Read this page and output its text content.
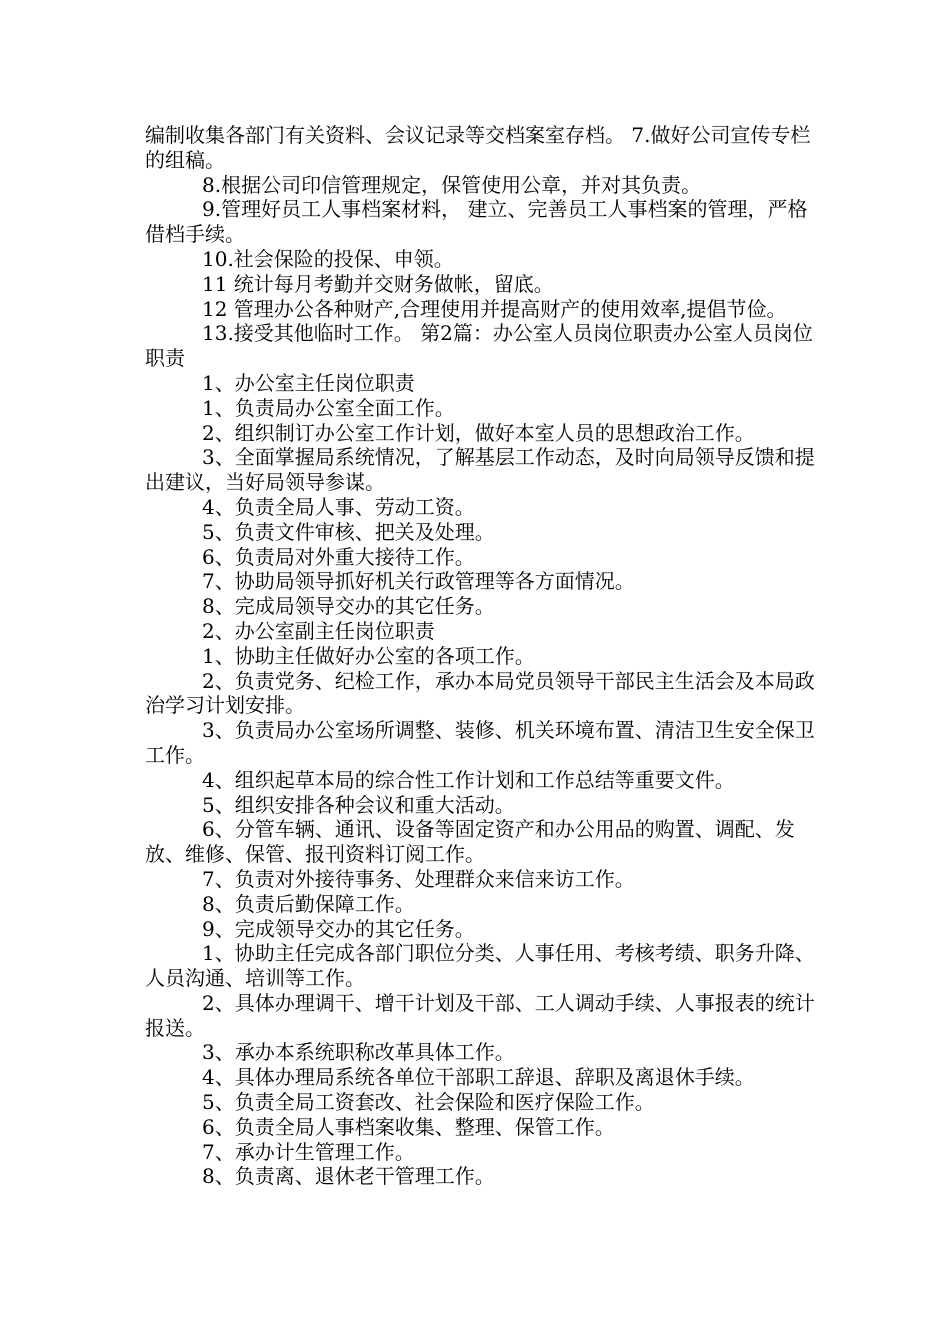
编制收集各部门有关资料、会议记录等交档案室存档。 7.做好公司宣传专栏的组稿。

8.根据公司印信管理规定，保管使用公章，并对其负责。

9.管理好员工人事档案材料， 建立、完善员工人事档案的管理，严格借档手续。

10.社会保险的投保、申领。

11 统计每月考勤并交财务做帐，留底。

12 管理办公各种财产,合理使用并提高财产的使用效率,提倡节俭。

13.接受其他临时工作。 第2篇：办公室人员岗位职责办公室人员岗位职责

1、办公室主任岗位职责

1、负责局办公室全面工作。

2、组织制订办公室工作计划，做好本室人员的思想政治工作。

3、全面掌握局系统情况，了解基层工作动态，及时向局领导反馈和提出建议，当好局领导参谋。

4、负责全局人事、劳动工资。

5、负责文件审核、把关及处理。

6、负责局对外重大接待工作。

7、协助局领导抓好机关行政管理等各方面情况。

8、完成局领导交办的其它任务。

2、办公室副主任岗位职责

1、协助主任做好办公室的各项工作。

2、负责党务、纪检工作，承办本局党员领导干部民主生活会及本局政治学习计划安排。

3、负责局办公室场所调整、装修、机关环境布置、清洁卫生安全保卫工作。

4、组织起草本局的综合性工作计划和工作总结等重要文件。

5、组织安排各种会议和重大活动。

6、分管车辆、通讯、设备等固定资产和办公用品的购置、调配、发放、维修、保管、报刊资料订阅工作。

7、负责对外接待事务、处理群众来信来访工作。

8、负责后勤保障工作。

9、完成领导交办的其它任务。

1、协助主任完成各部门职位分类、人事任用、考核考绩、职务升降、人员沟通、培训等工作。

2、具体办理调干、增干计划及干部、工人调动手续、人事报表的统计报送。

3、承办本系统职称改革具体工作。

4、具体办理局系统各单位干部职工辞退、辞职及离退休手续。

5、负责全局工资套改、社会保险和医疗保险工作。

6、负责全局人事档案收集、整理、保管工作。

7、承办计生管理工作。

8、负责离、退休老干管理工作。
